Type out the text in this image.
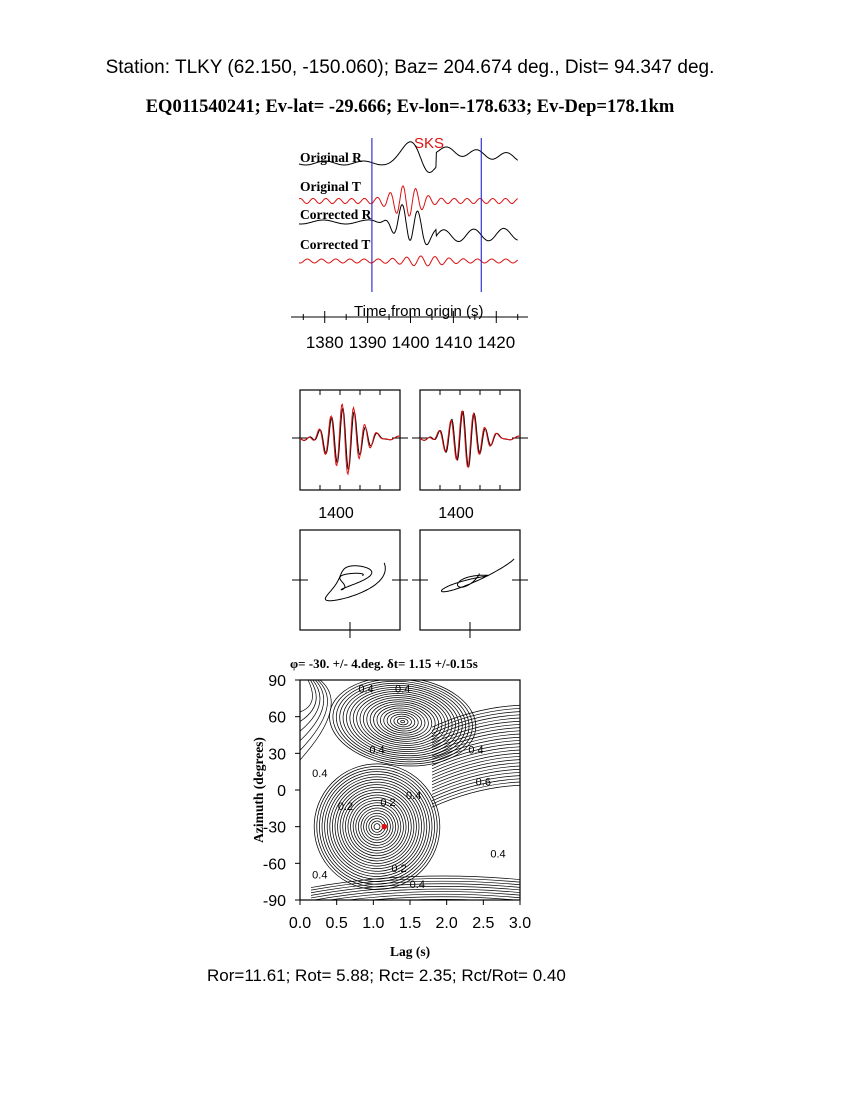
Station: TLKY (62.150, -150.060); Baz= 204.674 deg., Dist= 94.347 deg.
EQ011540241; Ev-lat= -29.666; Ev-lon=-178.633; Ev-Dep=178.1km
SKS
Original R
Original T
Corrected R
Corrected T
1380 1390 1400 1410 1420
Time from origin (s)
1400	1400
φ= -30. +/- 4.deg. δt= 1.15 +/-0.15s
0.4 0.4
0.4	0.4
0.4
0.6
0.4
0.2 0.2
0.2
0.4
0.4
0.4
0.0 0.5 1.0 1.5 2.0 2.5 3.0
90
60
30
0
-30
-60
-90
Lag (s)
Azimuth (degrees)
Ror=11.61; Rot= 5.88; Rct= 2.35; Rct/Rot= 0.40
